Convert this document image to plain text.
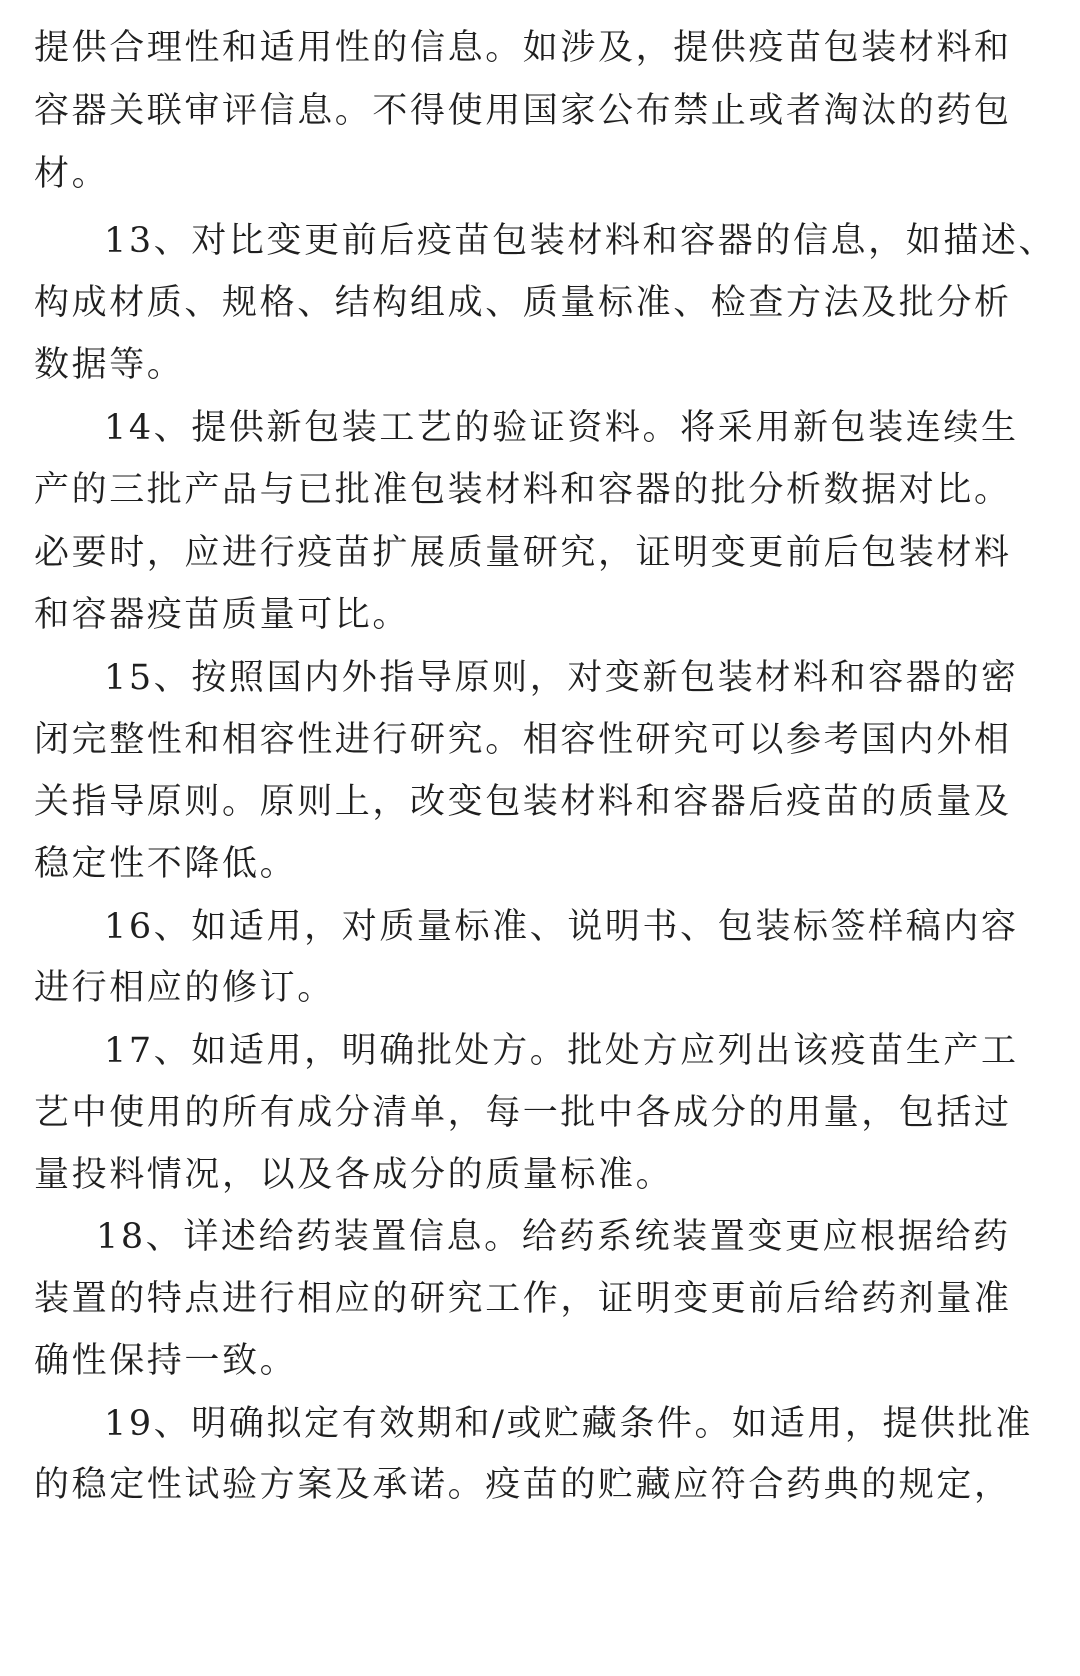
提供合理性和适用性的信息。如涉及，提供疫苗包装材料和
容器关联审评信息。不得使用国家公布禁止或者淘汰的药包
材。
13、对比变更前后疫苗包装材料和容器的信息，如描述、
构成材质、规格、结构组成、质量标准、检查方法及批分析
数据等。
14、提供新包装工艺的验证资料。将采用新包装连续生
产的三批产品与已批准包装材料和容器的批分析数据对比。
必要时，应进行疫苗扩展质量研究，证明变更前后包装材料
和容器疫苗质量可比。
15、按照国内外指导原则，对变新包装材料和容器的密
闭完整性和相容性进行研究。相容性研究可以参考国内外相
关指导原则。原则上，改变包装材料和容器后疫苗的质量及
稳定性不降低。
16、如适用，对质量标准、说明书、包装标签样稿内容
进行相应的修订。
17、如适用，明确批处方。批处方应列出该疫苗生产工
艺中使用的所有成分清单，每一批中各成分的用量，包括过
量投料情况，以及各成分的质量标准。
18、详述给药装置信息。给药系统装置变更应根据给药
装置的特点进行相应的研究工作，证明变更前后给药剂量准
确性保持一致。
19、明确拟定有效期和/或贮藏条件。如适用，提供批准
的稳定性试验方案及承诺。疫苗的贮藏应符合药典的规定，
